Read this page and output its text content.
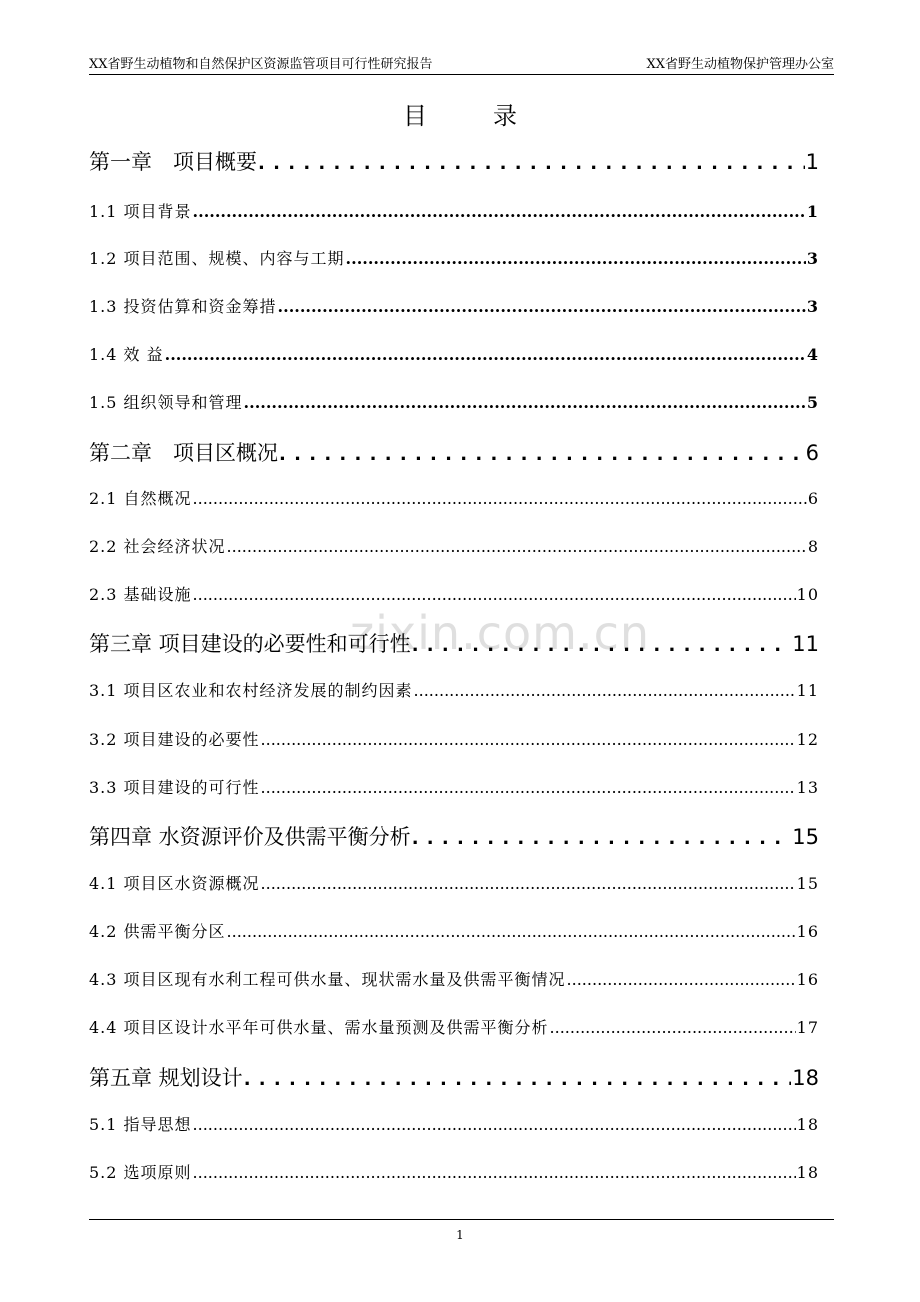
XX省野生动植物和自然保护区资源监管项目可行性研究报告	XX省野生动植物保护管理办公室
目录
zixin.com.cn
第一章　项目概要 . . .	1
1.1 项目背景 .....	1
1.2 项目范围、规模、内容与工期 .....	3
1.3 投资估算和资金筹措 .....	3
1.4 效 益 .....	4
1.5 组织领导和管理 .....	5
第二章　项目区概况 . . .	6
2.1 自然概况 .....	6
2.2 社会经济状况 .....	8
2.3 基础设施 .....	10
第三章 项目建设的必要性和可行性 . . .	11
3.1 项目区农业和农村经济发展的制约因素 .....	11
3.2 项目建设的必要性 .....	12
3.3 项目建设的可行性 .....	13
第四章 水资源评价及供需平衡分析 . . .	15
4.1 项目区水资源概况 .....	15
4.2 供需平衡分区 .....	16
4.3 项目区现有水利工程可供水量、现状需水量及供需平衡情况 .....	16
4.4 项目区设计水平年可供水量、需水量预测及供需平衡分析 .....	17
第五章 规划设计 . . .	18
5.1 指导思想 .....	18
5.2 选项原则 .....	18
1
